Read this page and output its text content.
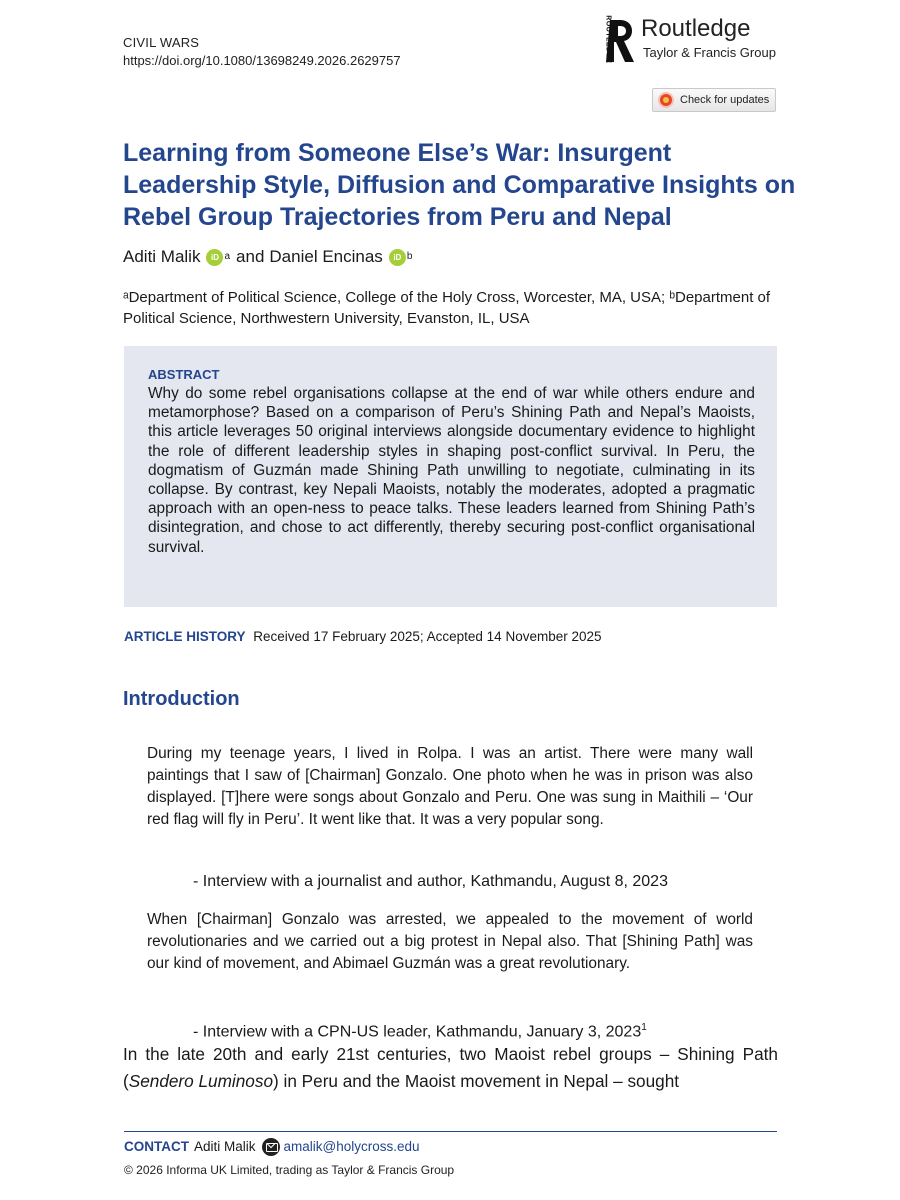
CIVIL WARS
https://doi.org/10.1080/13698249.2026.2629757	ROUTLEDGE Routledge
Taylor & Francis Group
Check for updates
Learning from Someone Else’s War: Insurgent Leadership Style, Diffusion and Comparative Insights on Rebel Group Trajectories from Peru and Nepal
Aditi Malik	iD a and Daniel Encinas	iD b

ᵃDepartment of Political Science, College of the Holy Cross, Worcester, MA, USA; ᵇDepartment of Political Science, Northwestern University, Evanston, IL, USA

ABSTRACT

Why do some rebel organisations collapse at the end of war while others endure and metamorphose? Based on a comparison of Peru’s Shining Path and Nepal’s Maoists, this article leverages 50 original interviews alongside documentary evidence to highlight the role of different leadership styles in shaping post-conflict survival. In Peru, the dogmatism of Guzmán made Shining Path unwilling to negotiate, culminating in its collapse. By contrast, key Nepali Maoists, notably the moderates, adopted a pragmatic approach with an open-ness to peace talks. These leaders learned from Shining Path’s disintegration, and chose to act differently, thereby securing post-conflict organisational survival.

ARTICLE HISTORY Received 17 February 2025; Accepted 14 November 2025
Introduction

During my teenage years, I lived in Rolpa. I was an artist. There were many wall paintings that I saw of [Chairman] Gonzalo. One photo when he was in prison was also displayed. [T]here were songs about Gonzalo and Peru. One was sung in Maithili – ‘Our red flag will fly in Peru’. It went like that. It was a very popular song.

- Interview with a journalist and author, Kathmandu, August 8, 2023

When [Chairman] Gonzalo was arrested, we appealed to the movement of world revolutionaries and we carried out a big protest in Nepal also. That [Shining Path] was our kind of movement, and Abimael Guzmán was a great revolutionary.

- Interview with a CPN-US leader, Kathmandu, January 3, 2023$^1$

In the late 20th and early 21st centuries, two Maoist rebel groups – Shining Path (Sendero Luminoso) in Peru and the Maoist movement in Nepal – sought

CONTACT Aditi Malik amalik@holycross.edu
© 2026 Informa UK Limited, trading as Taylor & Francis Group
